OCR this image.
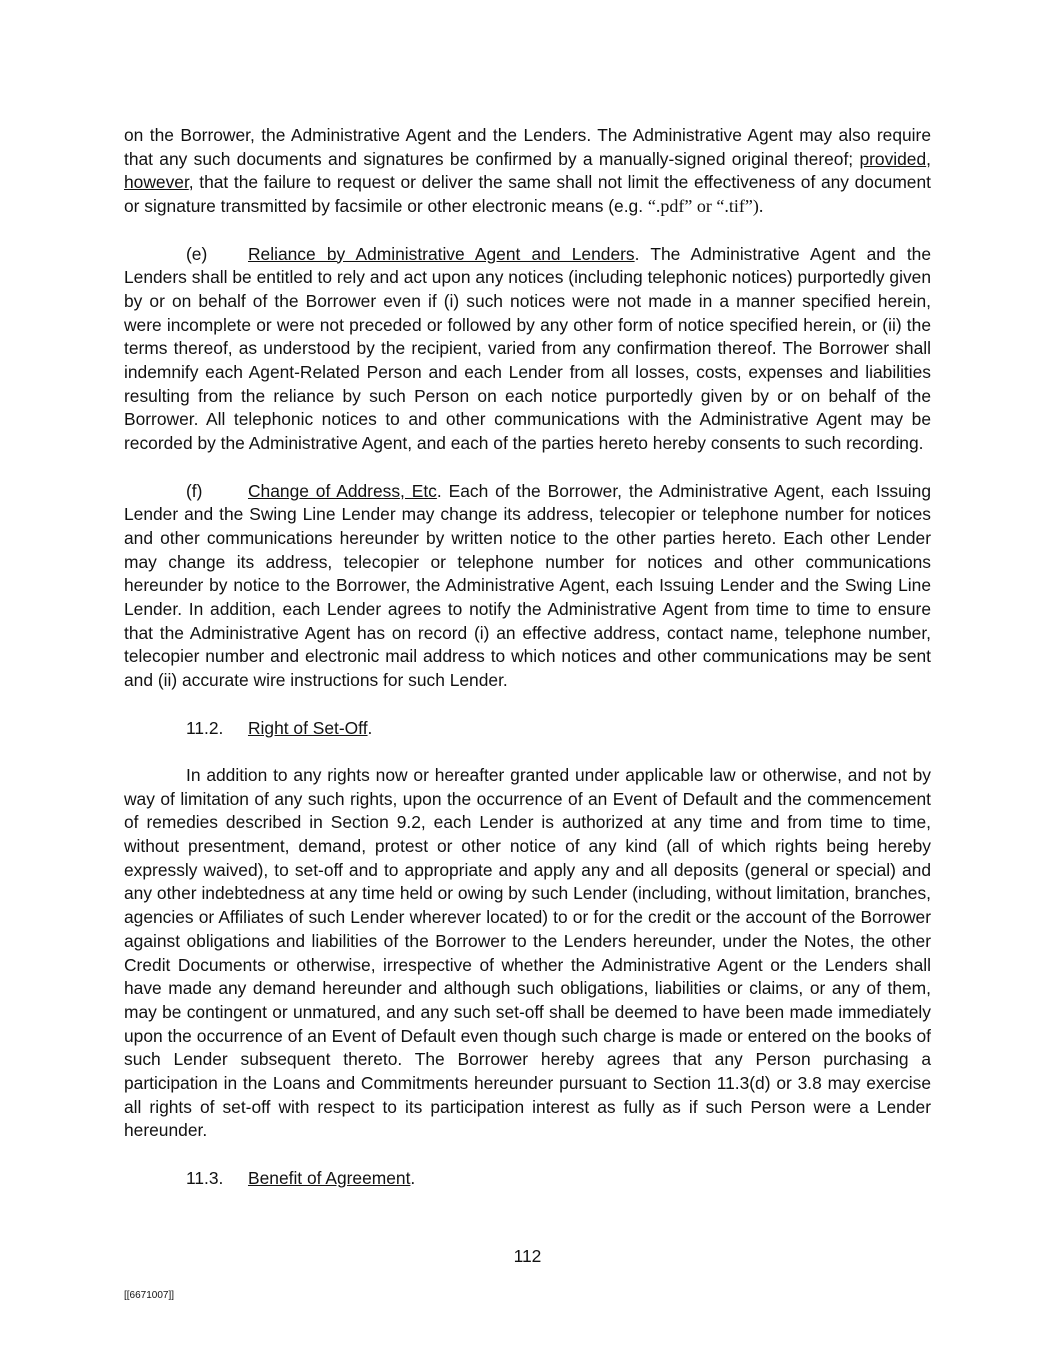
on the Borrower, the Administrative Agent and the Lenders. The Administrative Agent may also require that any such documents and signatures be confirmed by a manually-signed original thereof; provided, however, that the failure to request or deliver the same shall not limit the effectiveness of any document or signature transmitted by facsimile or other electronic means (e.g. “.pdf” or “.tif”).

(e) Reliance by Administrative Agent and Lenders. The Administrative Agent and the Lenders shall be entitled to rely and act upon any notices (including telephonic notices) purportedly given by or on behalf of the Borrower even if (i) such notices were not made in a manner specified herein, were incomplete or were not preceded or followed by any other form of notice specified herein, or (ii) the terms thereof, as understood by the recipient, varied from any confirmation thereof. The Borrower shall indemnify each Agent-Related Person and each Lender from all losses, costs, expenses and liabilities resulting from the reliance by such Person on each notice purportedly given by or on behalf of the Borrower. All telephonic notices to and other communications with the Administrative Agent may be recorded by the Administrative Agent, and each of the parties hereto hereby consents to such recording.

(f)	Change of Address, Etc. Each of the Borrower, the Administrative Agent, each Issuing Lender and the Swing Line Lender may change its address, telecopier or telephone number for notices and other communications hereunder by written notice to the other parties hereto. Each other Lender may change its address, telecopier or telephone number for notices and other communications hereunder by notice to the Borrower, the Administrative Agent, each Issuing Lender and the Swing Line Lender. In addition, each Lender agrees to notify the Administrative Agent from time to time to ensure that the Administrative Agent has on record (i) an effective address, contact name, telephone number, telecopier number and electronic mail address to which notices and other communications may be sent and (ii) accurate wire instructions for such Lender.

11.2. Right of Set-Off.

In addition to any rights now or hereafter granted under applicable law or otherwise, and not by way of limitation of any such rights, upon the occurrence of an Event of Default and the commencement of remedies described in Section 9.2, each Lender is authorized at any time and from time to time, without presentment, demand, protest or other notice of any kind (all of which rights being hereby expressly waived), to set-off and to appropriate and apply any and all deposits (general or special) and any other indebtedness at any time held or owing by such Lender (including, without limitation, branches, agencies or Affiliates of such Lender wherever located) to or for the credit or the account of the Borrower against obligations and liabilities of the Borrower to the Lenders hereunder, under the Notes, the other Credit Documents or otherwise, irrespective of whether the Administrative Agent or the Lenders shall have made any demand hereunder and although such obligations, liabilities or claims, or any of them, may be contingent or unmatured, and any such set-off shall be deemed to have been made immediately upon the occurrence of an Event of Default even though such charge is made or entered on the books of such Lender subsequent thereto. The Borrower hereby agrees that any Person purchasing a participation in the Loans and Commitments hereunder pursuant to Section 11.3(d) or 3.8 may exercise all rights of set-off with respect to its participation interest as fully as if such Person were a Lender hereunder.

11.3. Benefit of Agreement.
112
[[6671007]]
